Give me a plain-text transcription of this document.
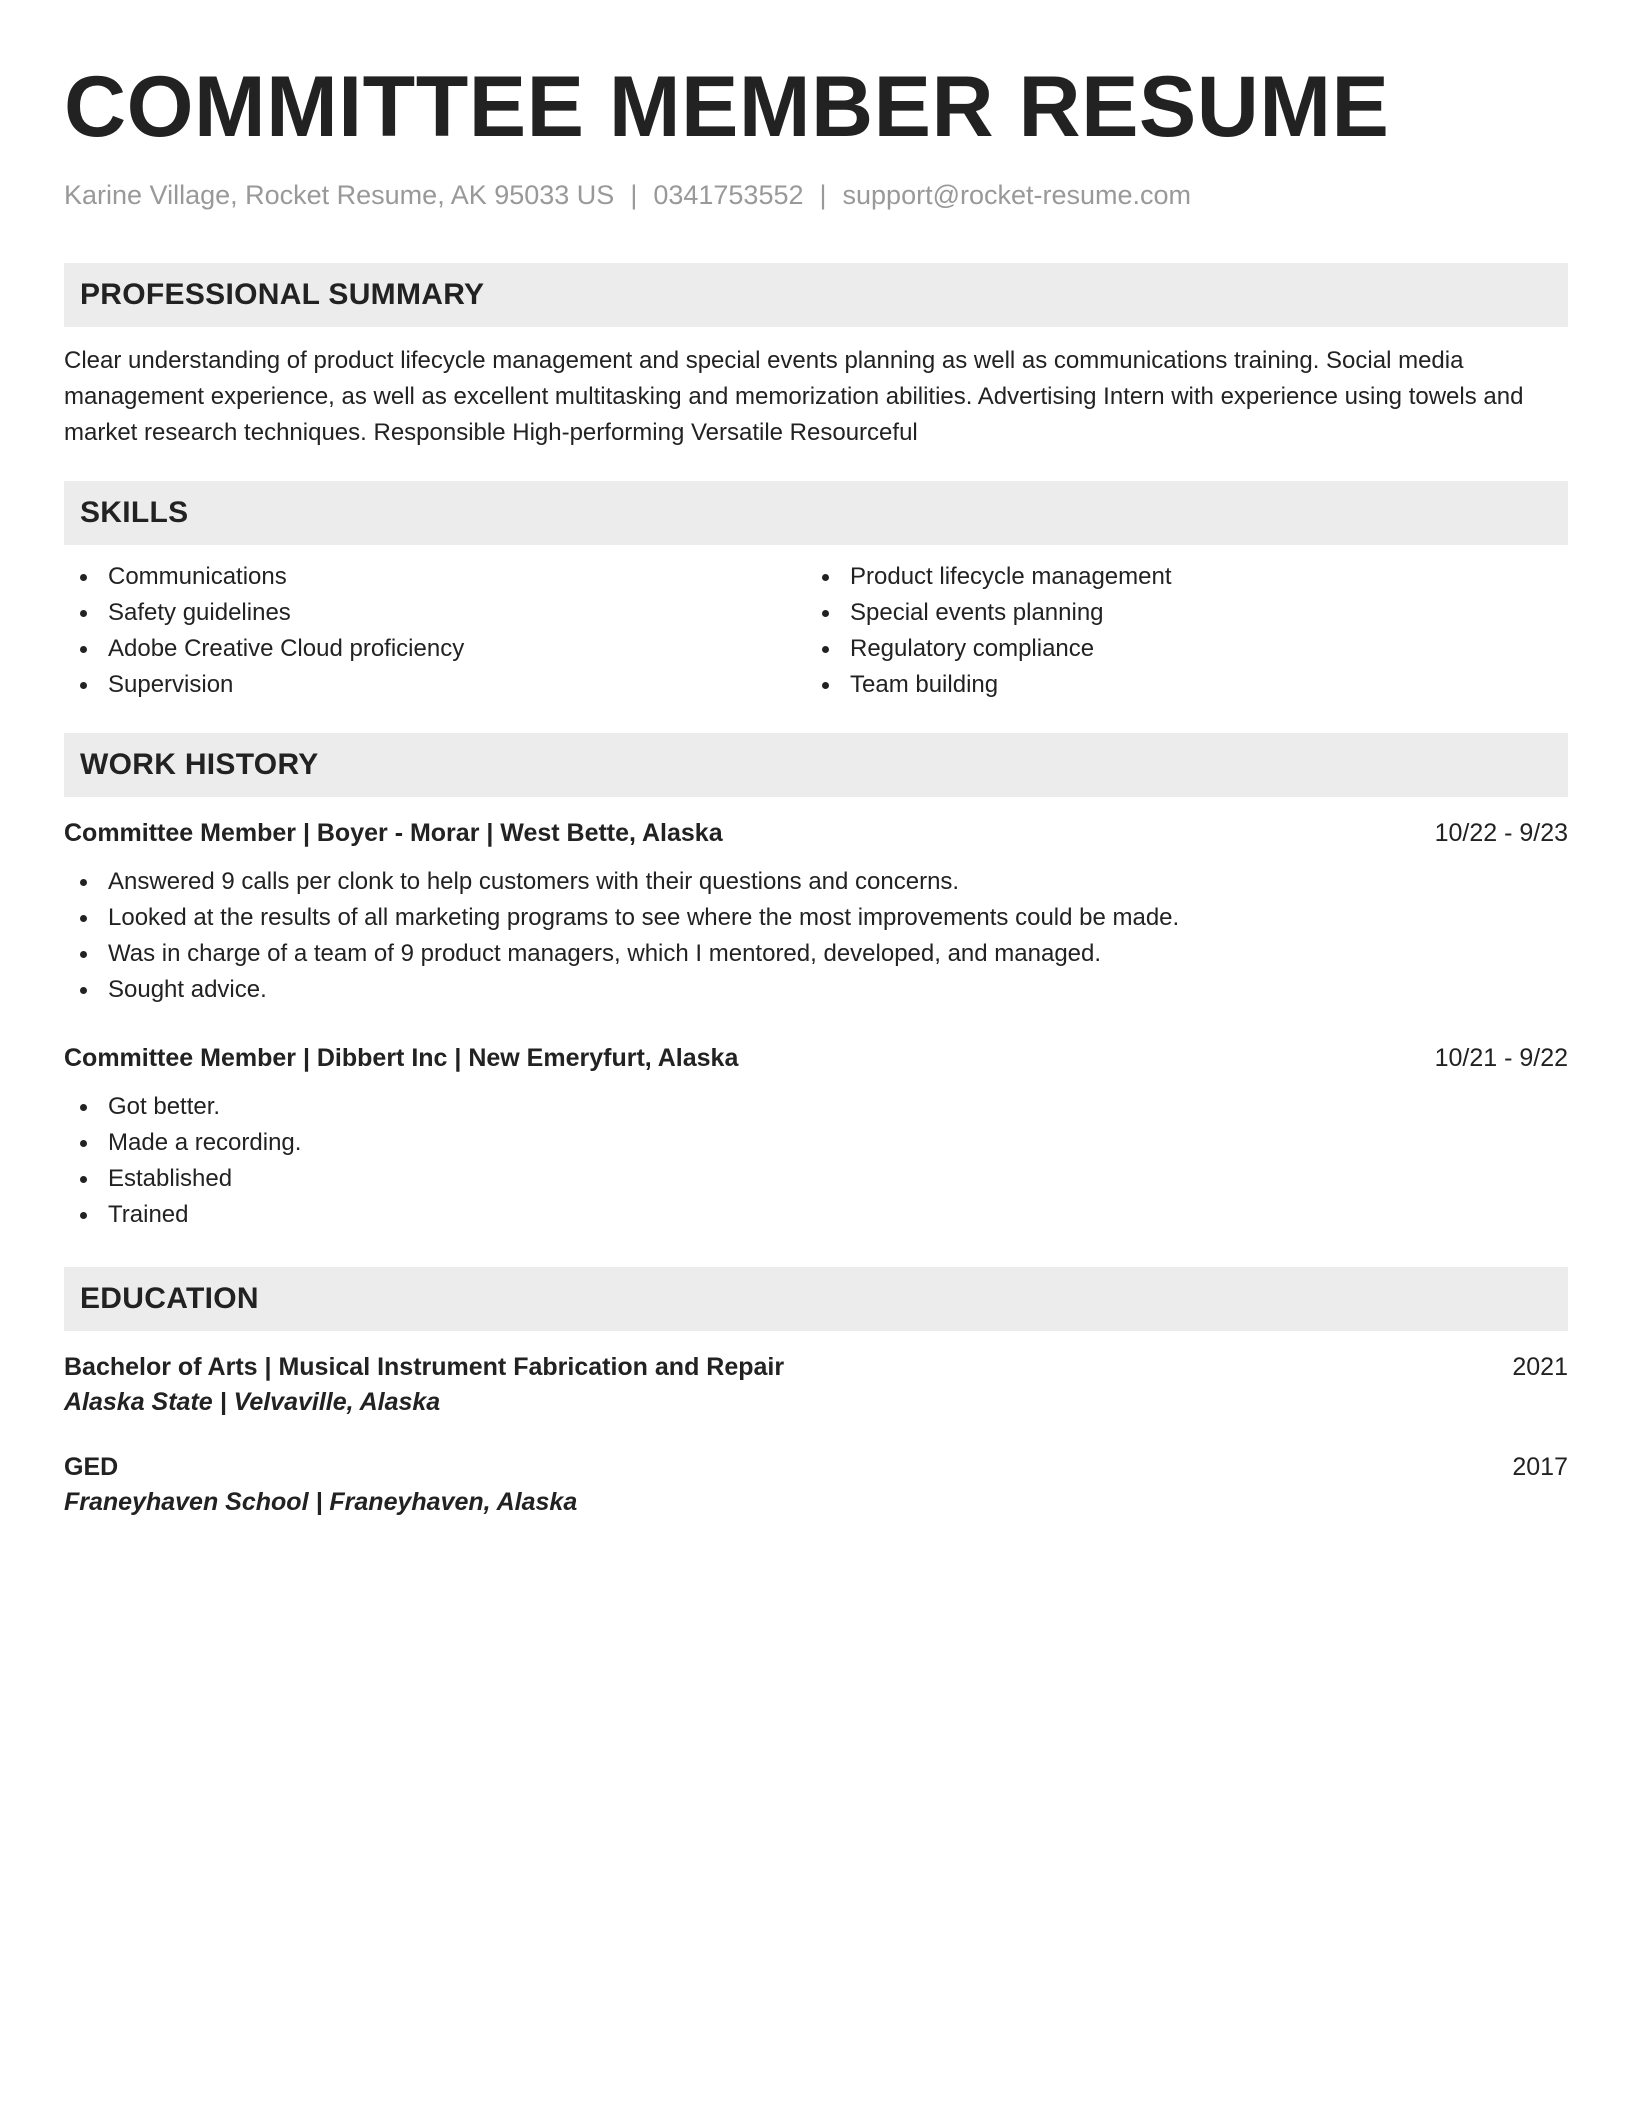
COMMITTEE MEMBER RESUME
Karine Village, Rocket Resume, AK 95033 US | 0341753552 | support@rocket-resume.com
PROFESSIONAL SUMMARY
Clear understanding of product lifecycle management and special events planning as well as communications training. Social media management experience, as well as excellent multitasking and memorization abilities. Advertising Intern with experience using towels and market research techniques. Responsible High-performing Versatile Resourceful
SKILLS
Communications
Safety guidelines
Adobe Creative Cloud proficiency
Supervision
Product lifecycle management
Special events planning
Regulatory compliance
Team building
WORK HISTORY
Committee Member | Boyer - Morar | West Bette, Alaska	10/22 - 9/23
Answered 9 calls per clonk to help customers with their questions and concerns.
Looked at the results of all marketing programs to see where the most improvements could be made.
Was in charge of a team of 9 product managers, which I mentored, developed, and managed.
Sought advice.
Committee Member | Dibbert Inc | New Emeryfurt, Alaska	10/21 - 9/22
Got better.
Made a recording.
Established
Trained
EDUCATION
Bachelor of Arts | Musical Instrument Fabrication and Repair	2021
Alaska State | Velvaville, Alaska
GED	2017
Franeyhaven School | Franeyhaven, Alaska
